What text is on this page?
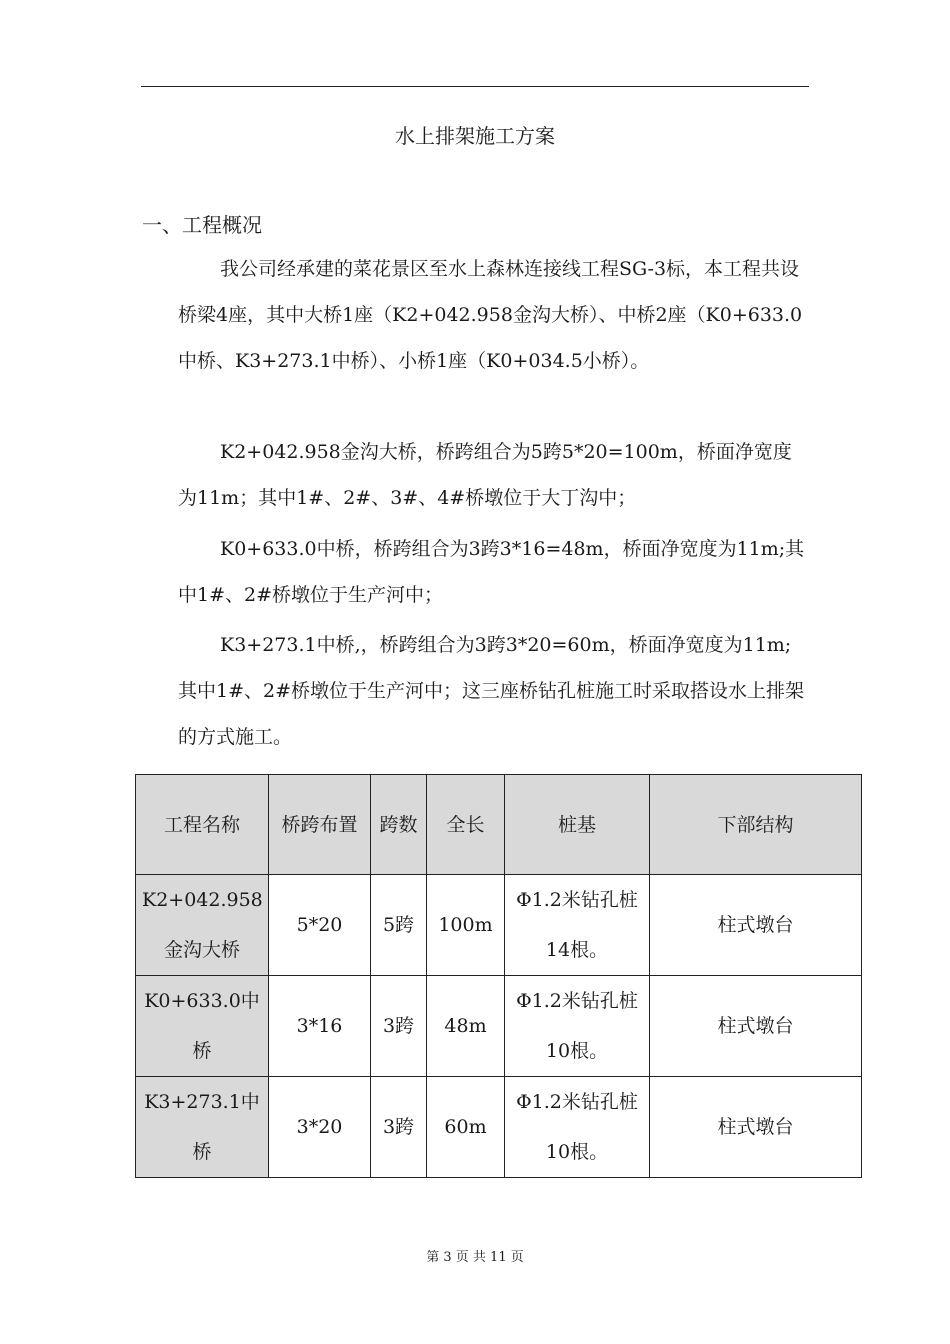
水上排架施工方案
一、工程概况

我公司经承建的菜花景区至水上森林连接线工程SG-3标，本工程共设桥梁4座，其中大桥1座（K2+042.958金沟大桥）、中桥2座（K0+633.0中桥、K3+273.1中桥）、小桥1座（K0+034.5小桥）。

K2+042.958金沟大桥，桥跨组合为5跨5*20=100m，桥面净宽度为11m；其中1#、2#、3#、4#桥墩位于大丁沟中；

K0+633.0中桥，桥跨组合为3跨3*16=48m，桥面净宽度为11m;其中1#、2#桥墩位于生产河中；

K3+273.1中桥,，桥跨组合为3跨3*20=60m，桥面净宽度为11m;其中1#、2#桥墩位于生产河中；这三座桥钻孔桩施工时采取搭设水上排架的方式施工。

工程名称	桥跨布置	跨数	全长	桩基	下部结构
K2+042.958金沟大桥	5*20	5跨	100m	Φ1.2米钻孔桩14根。	柱式墩台
K0+633.0中桥	3*16	3跨	48m	Φ1.2米钻孔桩10根。	柱式墩台
K3+273.1中桥	3*20	3跨	60m	Φ1.2米钻孔桩10根。	柱式墩台
第 3 页 共 11 页
